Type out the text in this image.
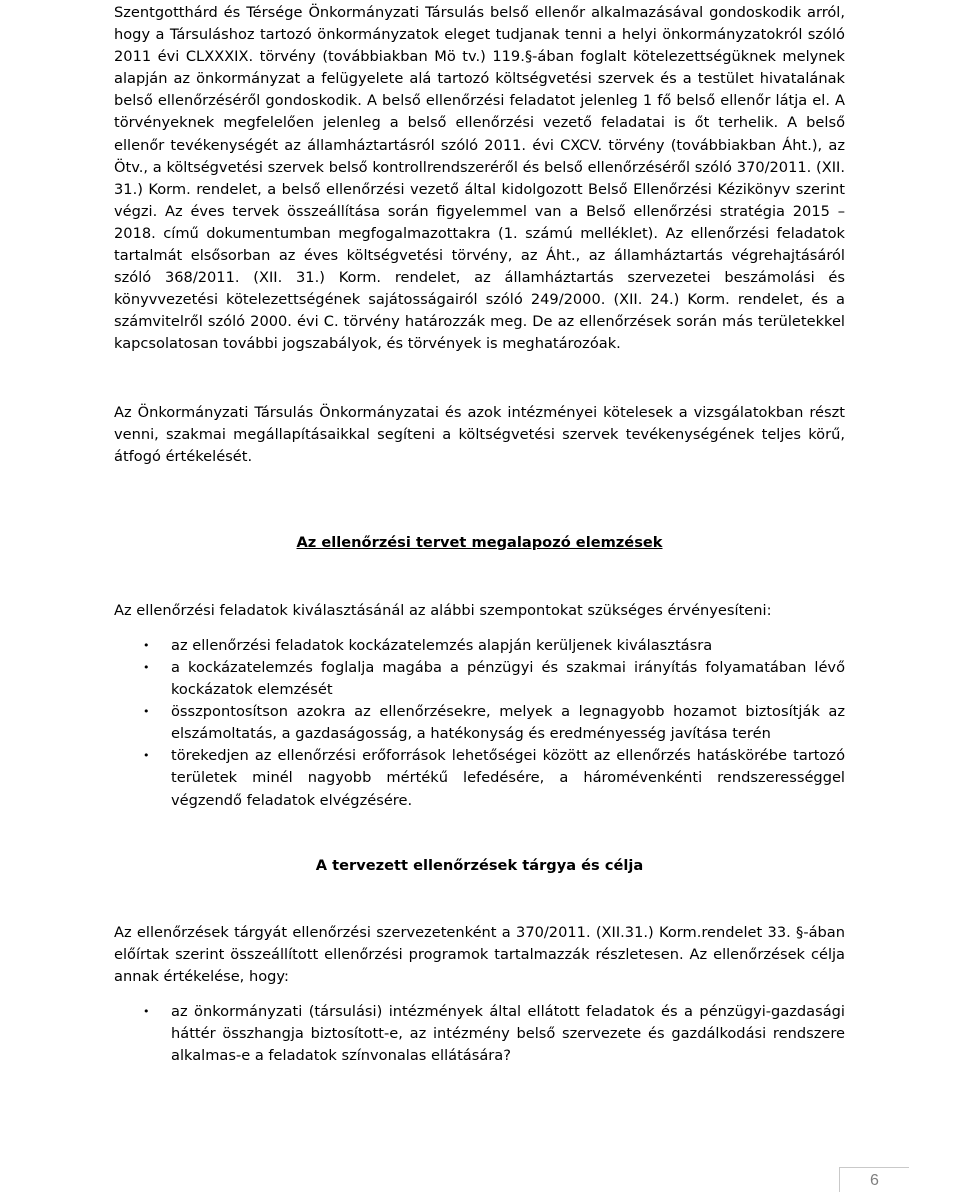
Szentgotthárd és Térsége Önkormányzati Társulás belső ellenőr alkalmazásával gondoskodik arról, hogy a Társuláshoz tartozó önkormányzatok eleget tudjanak tenni a helyi önkormányzatokról szóló 2011 évi CLXXXIX. törvény (továbbiakban Mö tv.) 119.§-ában foglalt kötelezettségüknek melynek alapján az önkormányzat a felügyelete alá tartozó költségvetési szervek és a testület hivatalának belső ellenőrzéséről gondoskodik. A belső ellenőrzési feladatot jelenleg 1 fő belső ellenőr látja el. A törvényeknek megfelelően jelenleg a belső ellenőrzési vezető feladatai is őt terhelik. A belső ellenőr tevékenységét az államháztartásról szóló 2011. évi CXCV. törvény (továbbiakban Áht.), az Ötv., a költségvetési szervek belső kontrollrendszeréről és belső ellenőrzéséről szóló 370/2011. (XII. 31.) Korm. rendelet, a belső ellenőrzési vezető által kidolgozott Belső Ellenőrzési Kézikönyv szerint végzi. Az éves tervek összeállítása során figyelemmel van a Belső ellenőrzési stratégia 2015 – 2018. című dokumentumban megfogalmazottakra (1. számú melléklet). Az ellenőrzési feladatok tartalmát elsősorban az éves költségvetési törvény, az Áht., az államháztartás végrehajtásáról szóló 368/2011. (XII. 31.) Korm. rendelet, az államháztartás szervezetei beszámolási és könyvvezetési kötelezettségének sajátosságairól szóló 249/2000. (XII. 24.) Korm. rendelet, és a számvitelről szóló 2000. évi C. törvény határozzák meg. De az ellenőrzések során más területekkel kapcsolatosan további jogszabályok, és törvények is meghatározóak.

Az Önkormányzati Társulás Önkormányzatai és azok intézményei kötelesek a vizsgálatokban részt venni, szakmai megállapításaikkal segíteni a költségvetési szervek tevékenységének teljes körű, átfogó értékelését.

Az ellenőrzési tervet megalapozó elemzések

Az ellenőrzési feladatok kiválasztásánál az alábbi szempontokat szükséges érvényesíteni:

• az ellenőrzési feladatok kockázatelemzés alapján kerüljenek kiválasztásra
• a kockázatelemzés foglalja magába a pénzügyi és szakmai irányítás folyamatában lévő kockázatok elemzését
• összpontosítson azokra az ellenőrzésekre, melyek a legnagyobb hozamot biztosítják az elszámoltatás, a gazdaságosság, a hatékonyság és eredményesség javítása terén
• törekedjen az ellenőrzési erőforrások lehetőségei között az ellenőrzés hatáskörébe tartozó területek minél nagyobb mértékű lefedésére, a háromévenkénti rendszerességgel végzendő feladatok elvégzésére.
A tervezett ellenőrzések tárgya és célja

Az ellenőrzések tárgyát ellenőrzési szervezetenként a 370/2011. (XII.31.) Korm.rendelet 33. §-ában előírtak szerint összeállított ellenőrzési programok tartalmazzák részletesen. Az ellenőrzések célja annak értékelése, hogy:

• az önkormányzati (társulási) intézmények által ellátott feladatok és a pénzügyi-gazdasági háttér összhangja biztosított-e, az intézmény belső szervezete és gazdálkodási rendszere alkalmas-e a feladatok színvonalas ellátására?
6
